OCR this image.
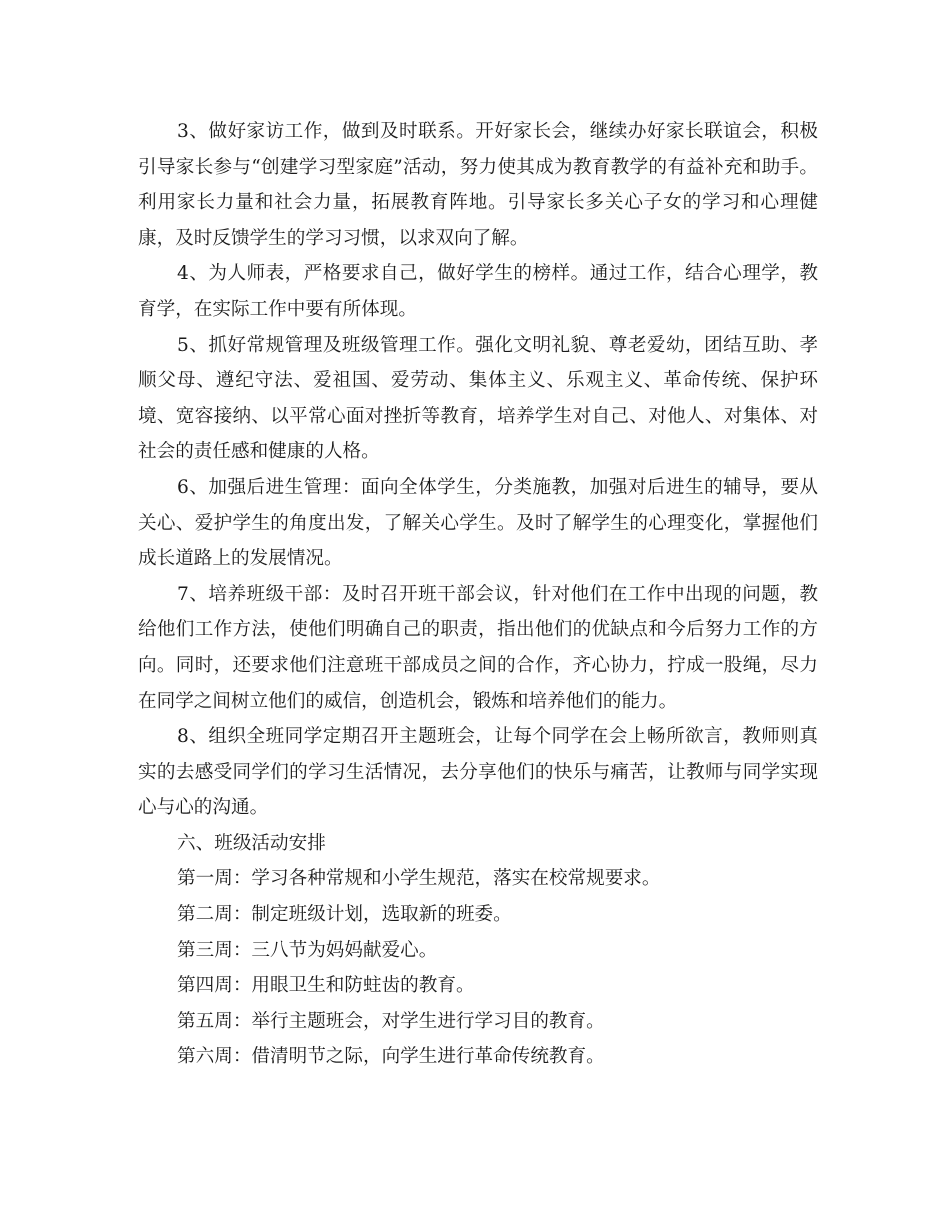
3、做好家访工作，做到及时联系。开好家长会，继续办好家长联谊会，积极引导家长参与“创建学习型家庭”活动，努力使其成为教育教学的有益补充和助手。利用家长力量和社会力量，拓展教育阵地。引导家长多关心子女的学习和心理健康，及时反馈学生的学习习惯，以求双向了解。

4、为人师表，严格要求自己，做好学生的榜样。通过工作，结合心理学，教育学，在实际工作中要有所体现。

5、抓好常规管理及班级管理工作。强化文明礼貌、尊老爱幼，团结互助、孝顺父母、遵纪守法、爱祖国、爱劳动、集体主义、乐观主义、革命传统、保护环境、宽容接纳、以平常心面对挫折等教育，培养学生对自己、对他人、对集体、对社会的责任感和健康的人格。

6、加强后进生管理：面向全体学生，分类施教，加强对后进生的辅导，要从关心、爱护学生的角度出发，了解关心学生。及时了解学生的心理变化，掌握他们成长道路上的发展情况。

7、培养班级干部：及时召开班干部会议，针对他们在工作中出现的问题，教给他们工作方法，使他们明确自己的职责，指出他们的优缺点和今后努力工作的方向。同时，还要求他们注意班干部成员之间的合作，齐心协力，拧成一股绳，尽力在同学之间树立他们的威信，创造机会，锻炼和培养他们的能力。

8、组织全班同学定期召开主题班会，让每个同学在会上畅所欲言，教师则真实的去感受同学们的学习生活情况，去分享他们的快乐与痛苦，让教师与同学实现心与心的沟通。

六、班级活动安排

第一周：学习各种常规和小学生规范，落实在校常规要求。

第二周：制定班级计划，选取新的班委。

第三周：三八节为妈妈献爱心。

第四周：用眼卫生和防蛀齿的教育。

第五周：举行主题班会，对学生进行学习目的教育。

第六周：借清明节之际，向学生进行革命传统教育。
